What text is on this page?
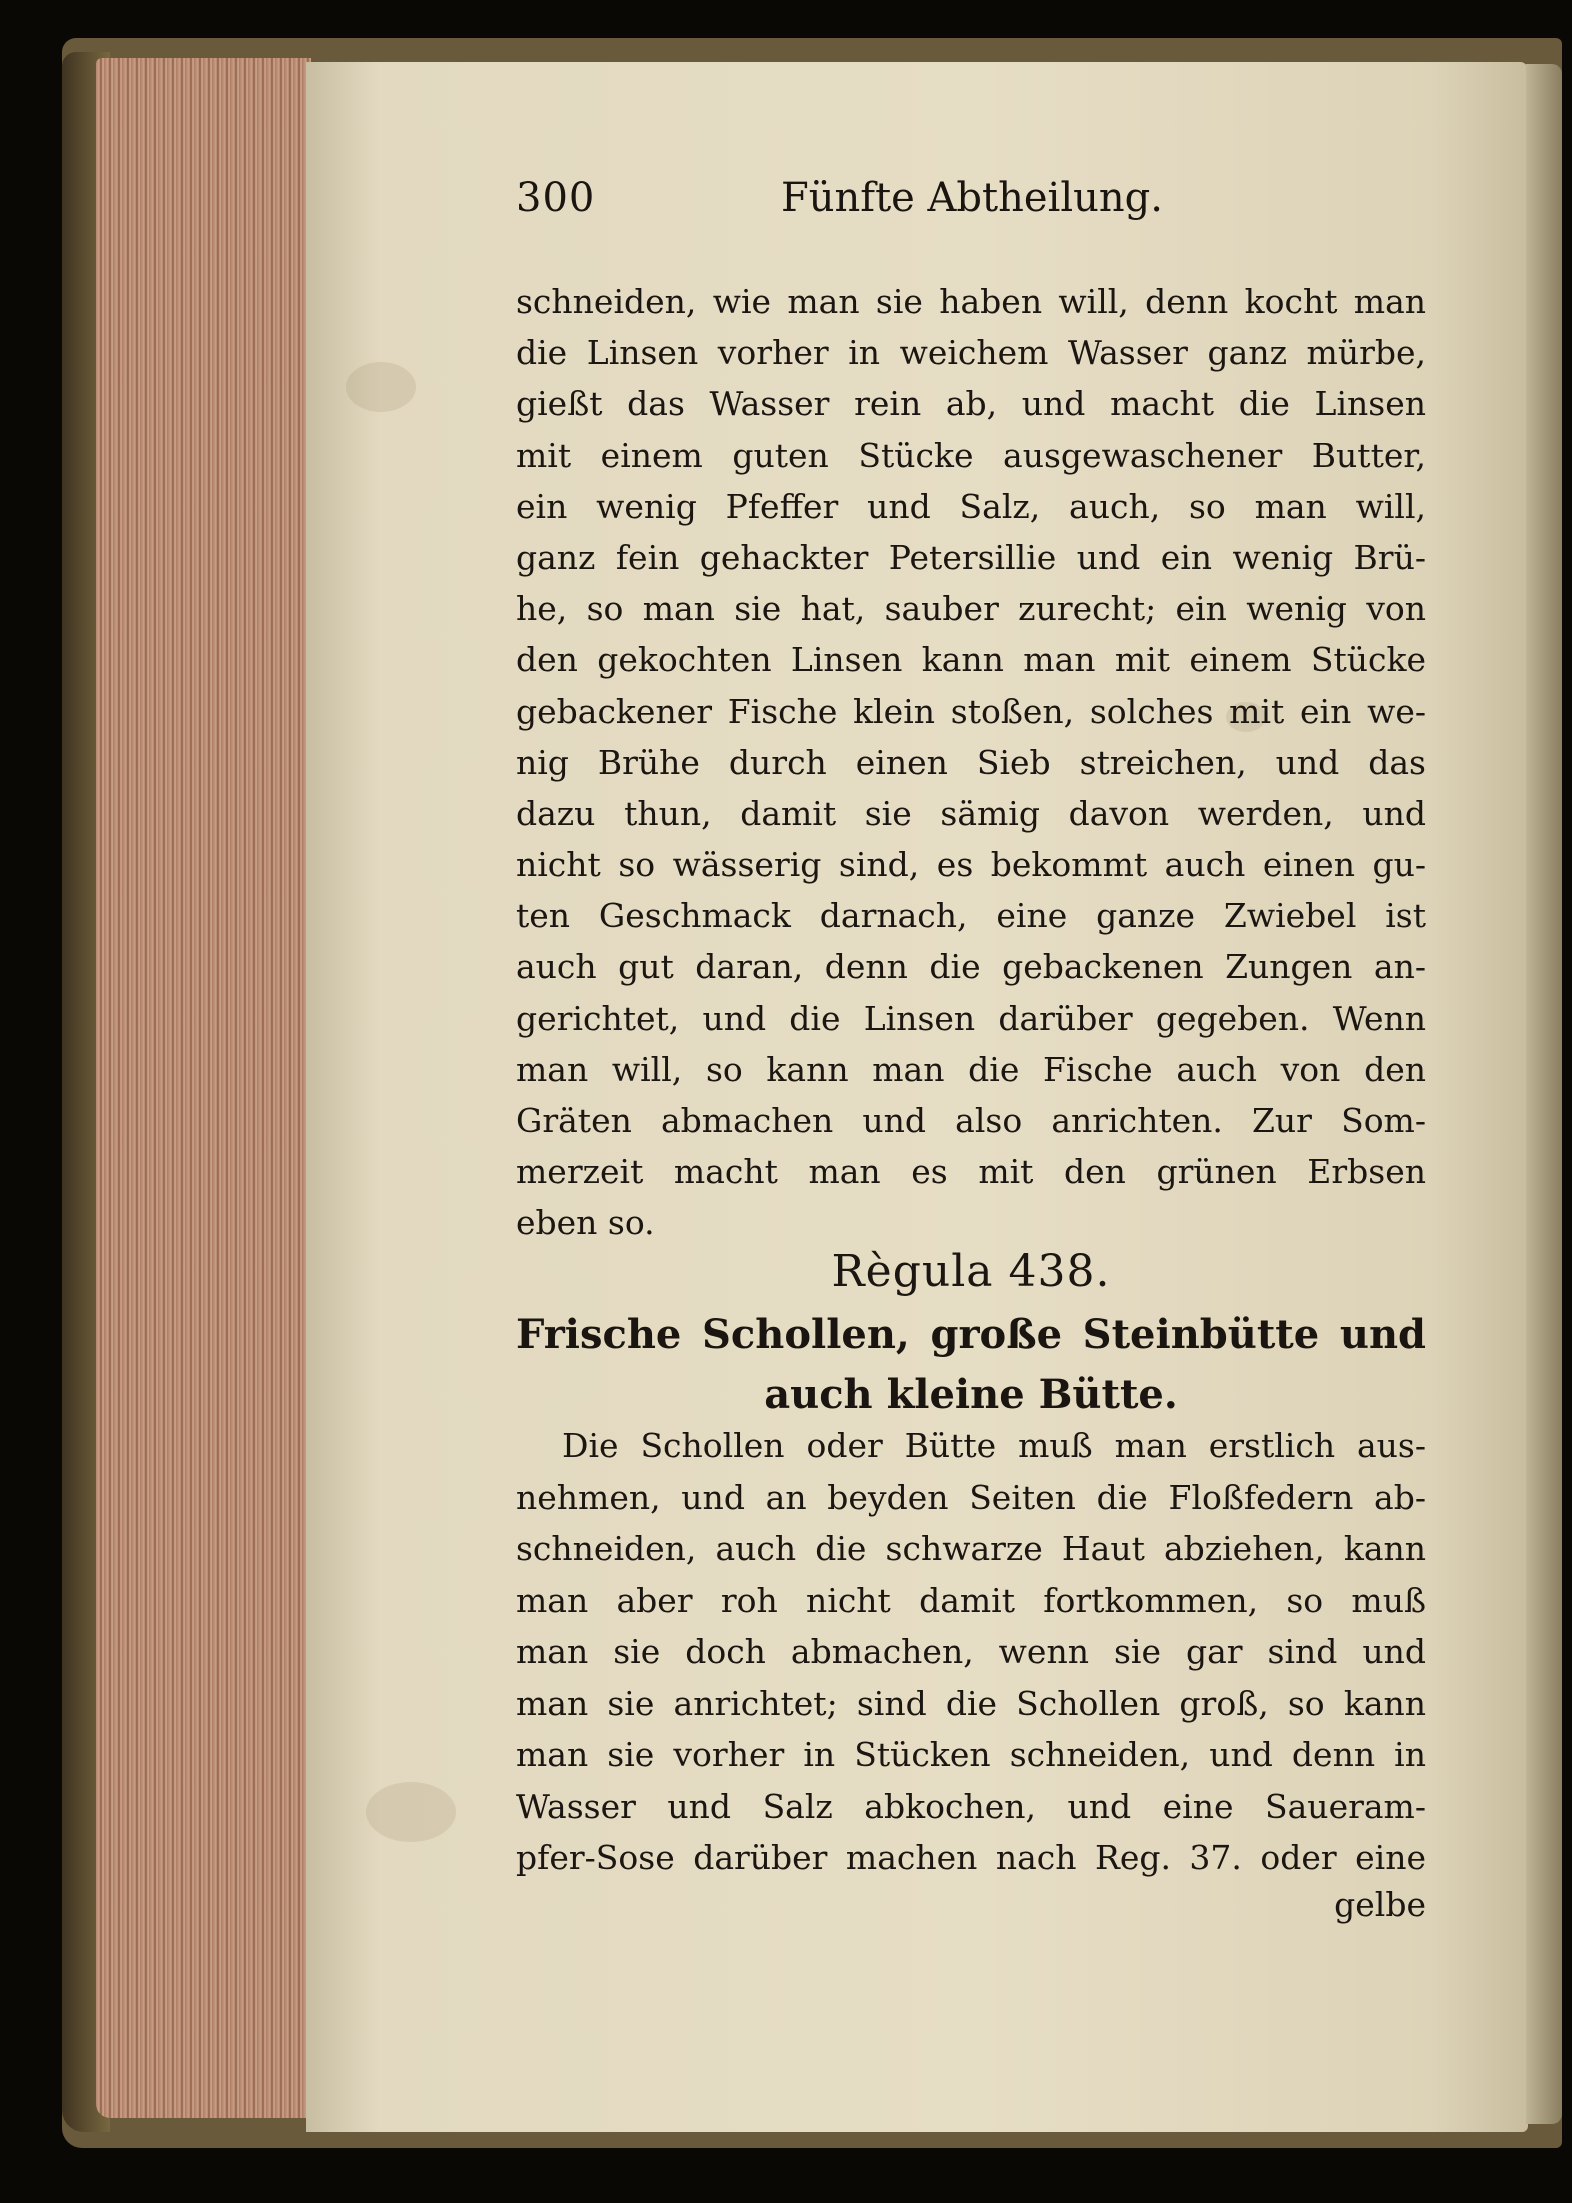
300	Fünfte Abtheilung.
schneiden, wie man sie haben will, denn kocht man
die Linsen vorher in weichem Wasser ganz mürbe,
gießt das Wasser rein ab, und macht die Linsen
mit einem guten Stücke ausgewaschener Butter,
ein wenig Pfeffer und Salz, auch, so man will,
ganz fein gehackter Petersillie und ein wenig Brü-
he, so man sie hat, sauber zurecht; ein wenig von
den gekochten Linsen kann man mit einem Stücke
gebackener Fische klein stoßen, solches mit ein we-
nig Brühe durch einen Sieb streichen, und das
dazu thun, damit sie sämig davon werden, und
nicht so wässerig sind, es bekommt auch einen gu-
ten Geschmack darnach, eine ganze Zwiebel ist
auch gut daran, denn die gebackenen Zungen an-
gerichtet, und die Linsen darüber gegeben. Wenn
man will, so kann man die Fische auch von den
Gräten abmachen und also anrichten. Zur Som-
merzeit macht man es mit den grünen Erbsen
eben so.
Règula 438.
Frische Schollen, große Steinbütte und
auch kleine Bütte.
Die Schollen oder Bütte muß man erstlich aus-
nehmen, und an beyden Seiten die Floßfedern ab-
schneiden, auch die schwarze Haut abziehen, kann
man aber roh nicht damit fortkommen, so muß
man sie doch abmachen, wenn sie gar sind und
man sie anrichtet; sind die Schollen groß, so kann
man sie vorher in Stücken schneiden, und denn in
Wasser und Salz abkochen, und eine Saueram-
pfer-Sose darüber machen nach Reg. 37. oder eine
gelbe
